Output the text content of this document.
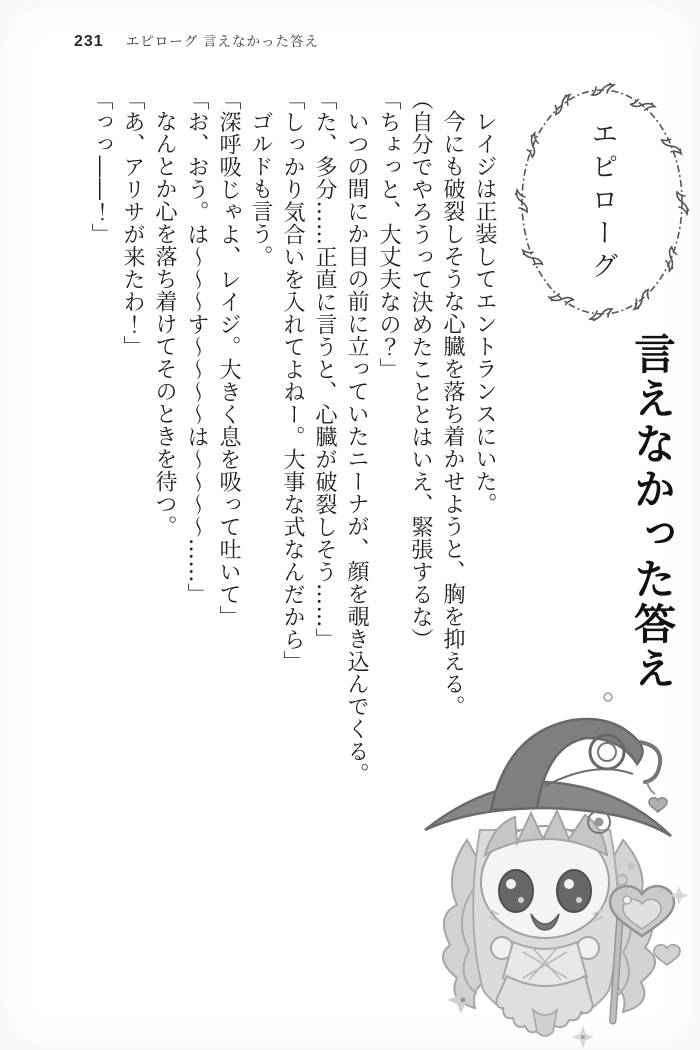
231 エピローグ 言えなかった答え
エピローグ
言えなかった答え

レイジは正装してエントランスにいた。

今にも破裂しそうな心臓を落ち着かせようと、胸を抑える。

（自分でやろうって決めたこととはいえ、緊張するな）

「ちょっと、大丈夫なの？」

いつの間にか目の前に立っていたニーナが、顔を覗き込んでくる。

「た、多分……正直に言うと、心臓が破裂しそう……」

「しっかり気合いを入れてよねー。大事な式なんだから」

ゴルドも言う。

「深呼吸じゃよ、レイジ。大きく息を吸って吐いて」

「お、おう。は〜〜〜す〜〜〜〜は〜〜〜〜……」

なんとか心を落ち着けてそのときを待つ。

「あ、アリサが来たわ！」

「っっ――！」
